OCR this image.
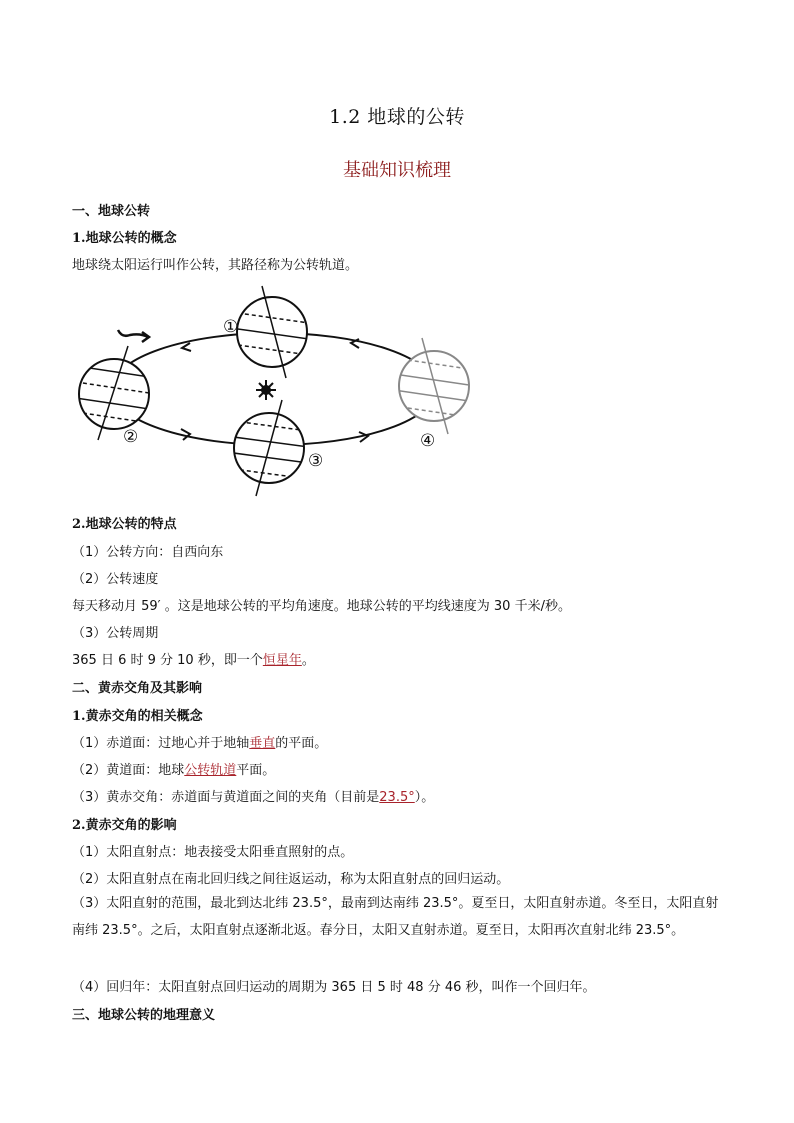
1.2 地球的公转
基础知识梳理
一、地球公转
1.地球公转的概念
地球绕太阳运行叫作公转，其路径称为公转轨道。
①
②
③
④
2.地球公转的特点
（1）公转方向：自西向东
（2）公转速度
每天移动月 59′ 。这是地球公转的平均角速度。地球公转的平均线速度为 30 千米/秒。
（3）公转周期
365 日 6 时 9 分 10 秒，即一个恒星年。
二、黄赤交角及其影响
1.黄赤交角的相关概念
（1）赤道面：过地心并于地轴垂直的平面。
（2）黄道面：地球公转轨道平面。
（3）黄赤交角：赤道面与黄道面之间的夹角（目前是23.5°）。
2.黄赤交角的影响
（1）太阳直射点：地表接受太阳垂直照射的点。
（2）太阳直射点在南北回归线之间往返运动，称为太阳直射点的回归运动。
（3）太阳直射的范围，最北到达北纬 23.5°，最南到达南纬 23.5°。夏至日，太阳直射赤道。冬至日，太阳直射南纬 23.5°。之后，太阳直射点逐渐北返。春分日，太阳又直射赤道。夏至日，太阳再次直射北纬 23.5°。
（4）回归年：太阳直射点回归运动的周期为 365 日 5 时 48 分 46 秒，叫作一个回归年。
三、地球公转的地理意义
